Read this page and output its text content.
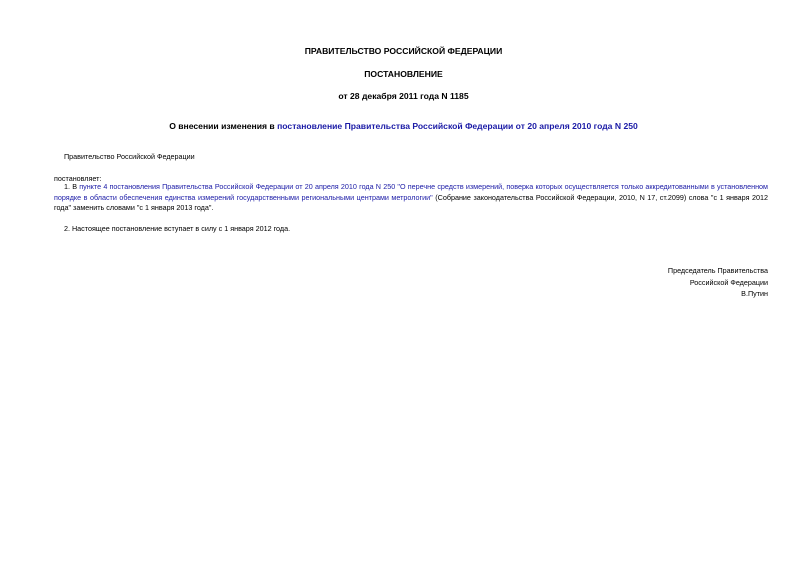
ПРАВИТЕЛЬСТВО РОССИЙСКОЙ ФЕДЕРАЦИИ
ПОСТАНОВЛЕНИЕ
от 28 декабря 2011 года N 1185
О внесении изменения в постановление Правительства Российской Федерации от 20 апреля 2010 года N 250
Правительство Российской Федерации
постановляет:
1. В пункте 4 постановления Правительства Российской Федерации от 20 апреля 2010 года N 250 "О перечне средств измерений, поверка которых осуществляется только аккредитованными в установленном порядке в области обеспечения единства измерений государственными региональными центрами метрологии" (Собрание законодательства Российской Федерации, 2010, N 17, ст.2099) слова "с 1 января 2012 года" заменить словами "с 1 января 2013 года".
2. Настоящее постановление вступает в силу с 1 января 2012 года.
Председатель Правительства
Российской Федерации
В.Путин
